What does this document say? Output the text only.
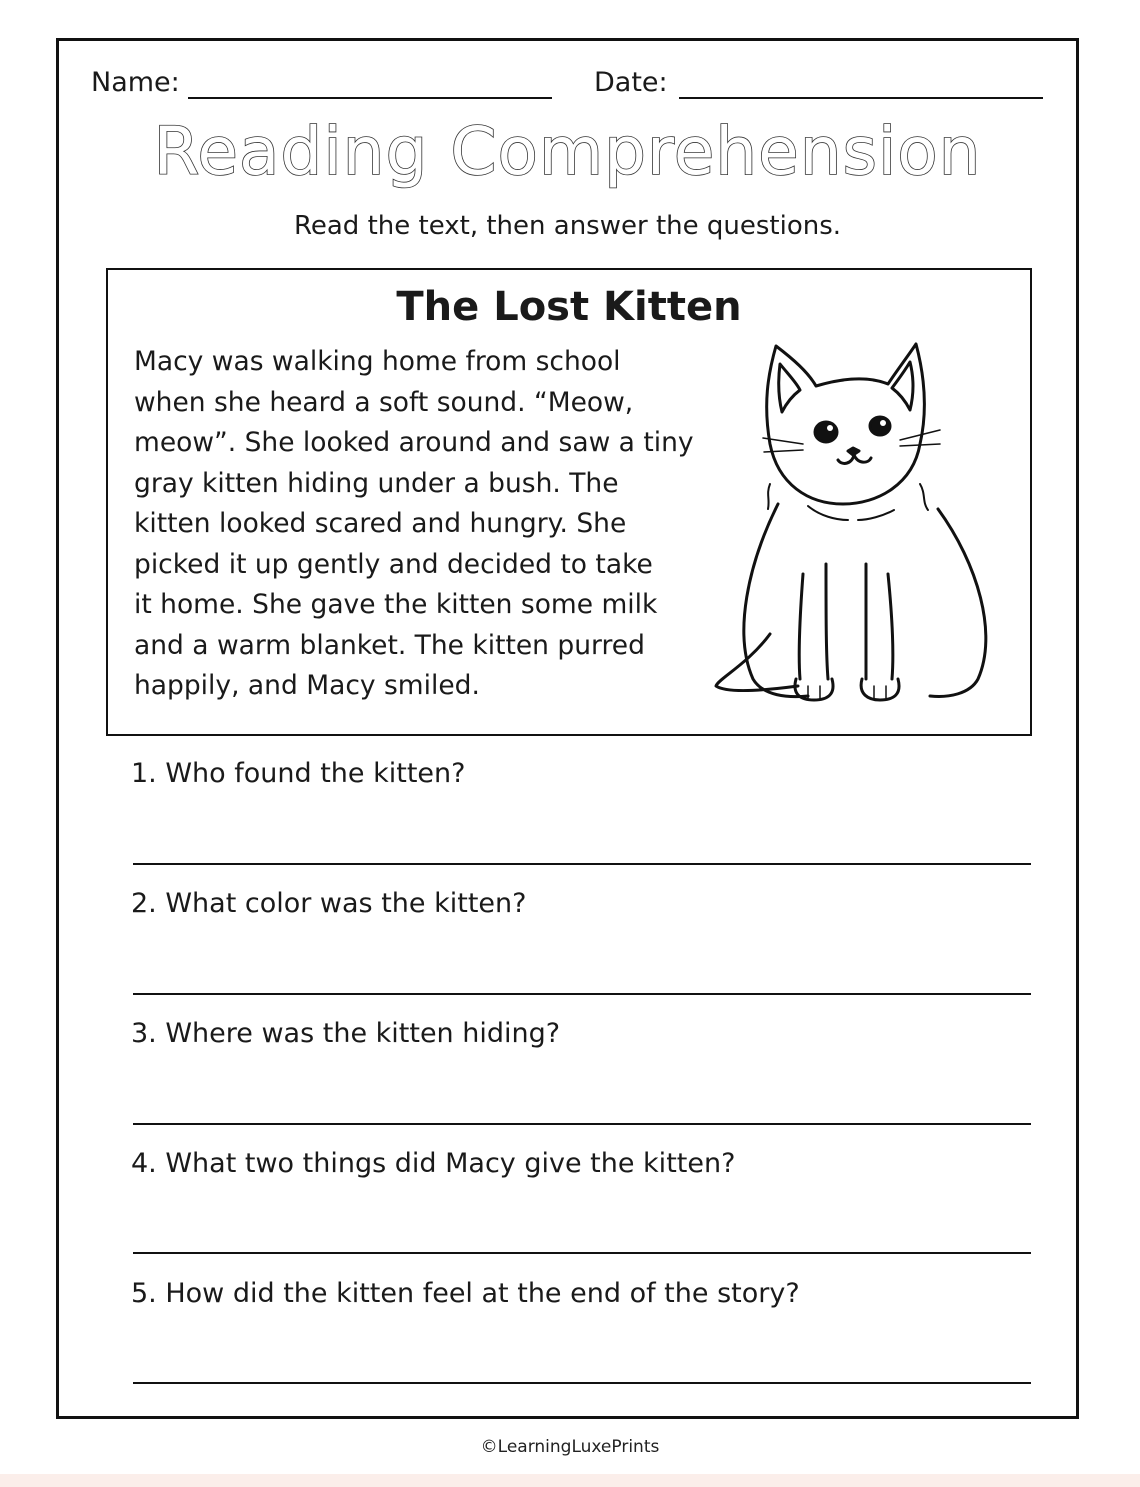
Name:	Date:
Reading Comprehension
Read the text, then answer the questions.
The Lost Kitten
Macy was walking home from school
when she heard a soft sound. “Meow,
meow”. She looked around and saw a tiny
gray kitten hiding under a bush. The
kitten looked scared and hungry. She
picked it up gently and decided to take
it home. She gave the kitten some milk
and a warm blanket. The kitten purred
happily, and Macy smiled.
1. Who found the kitten?
2. What color was the kitten?
3. Where was the kitten hiding?
4. What two things did Macy give the kitten?
5. How did the kitten feel at the end of the story?
©LearningLuxePrints
